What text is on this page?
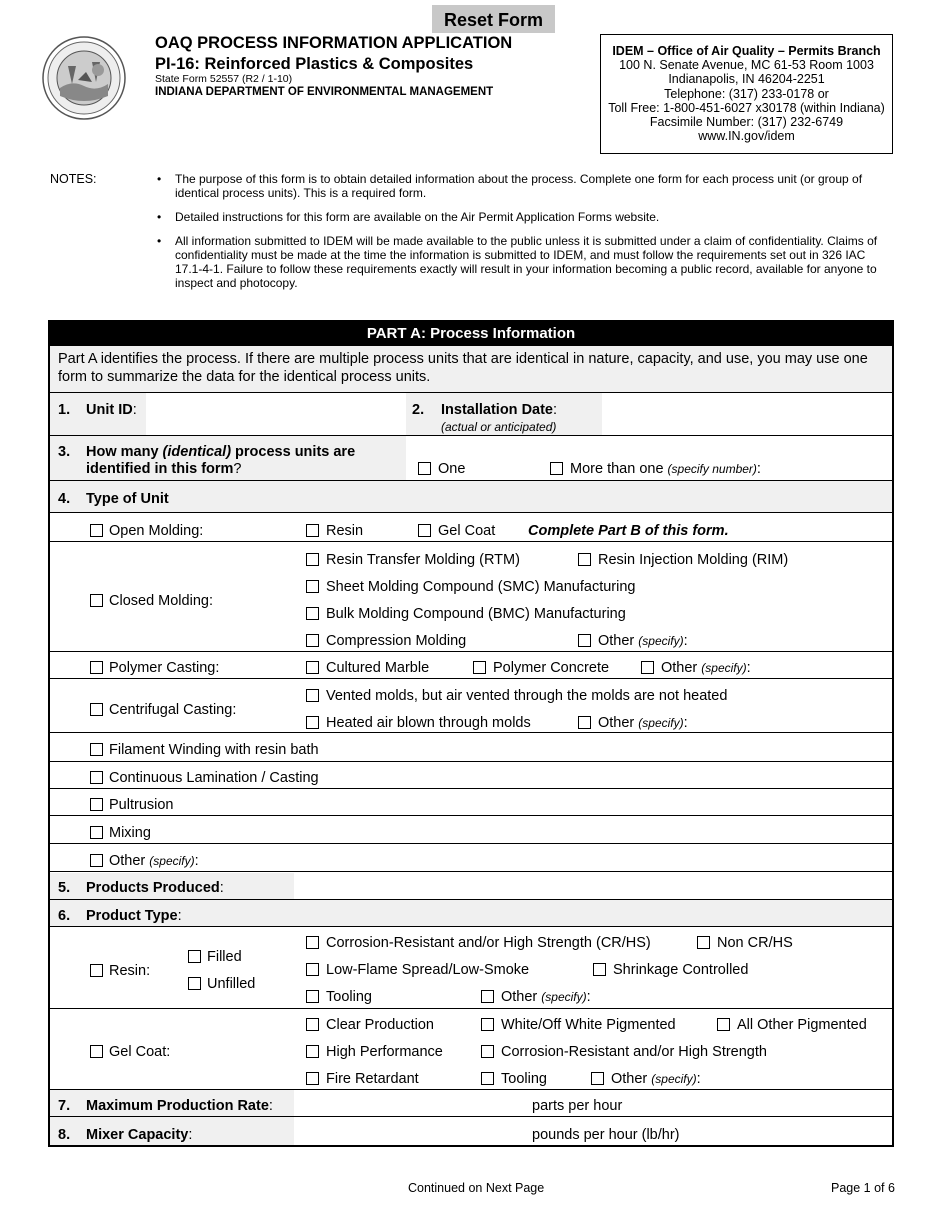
Reset Form
OAQ PROCESS INFORMATION APPLICATION
PI-16: Reinforced Plastics & Composites
State Form 52557 (R2 / 1-10)
INDIANA DEPARTMENT OF ENVIRONMENTAL MANAGEMENT
IDEM – Office of Air Quality – Permits Branch
100 N. Senate Avenue, MC 61-53 Room 1003
Indianapolis, IN 46204-2251
Telephone: (317) 233-0178 or
Toll Free: 1-800-451-6027 x30178 (within Indiana)
Facsimile Number: (317) 232-6749
www.IN.gov/idem
NOTES:	• The purpose of this form is to obtain detailed information about the process. Complete one form for each process unit (or group of identical process units). This is a required form.
• Detailed instructions for this form are available on the Air Permit Application Forms website.
• All information submitted to IDEM will be made available to the public unless it is submitted under a claim of confidentiality. Claims of confidentiality must be made at the time the information is submitted to IDEM, and must follow the requirements set out in 326 IAC 17.1-4-1. Failure to follow these requirements exactly will result in your information becoming a public record, available for anyone to inspect and photocopy.
PART A: Process Information
Part A identifies the process. If there are multiple process units that are identical in nature, capacity, and use, you may use one form to summarize the data for the identical process units.
1. Unit ID:	2. Installation Date:
(actual or anticipated)
3. How many (identical) process units are
identified in this form?	One	More than one (specify number):
4. Type of Unit
Open Molding:	Resin	Gel Coat Complete Part B of this form.
Closed Molding:
Resin Transfer Molding (RTM)	Resin Injection Molding (RIM)
Sheet Molding Compound (SMC) Manufacturing
Bulk Molding Compound (BMC) Manufacturing
Compression Molding	Other (specify):
Polymer Casting:	Cultured Marble	Polymer Concrete	Other (specify):
Centrifugal Casting:
Vented molds, but air vented through the molds are not heated
Heated air blown through molds	Other (specify):
Filament Winding with resin bath
Continuous Lamination / Casting
Pultrusion
Mixing
Other (specify):
5. Products Produced:
6. Product Type:
Resin:
Filled
Unfilled
Corrosion-Resistant and/or High Strength (CR/HS)	Non CR/HS
Low-Flame Spread/Low-Smoke	Shrinkage Controlled
Tooling	Other (specify):
Gel Coat:
Clear Production	White/Off White Pigmented	All Other Pigmented
High Performance	Corrosion-Resistant and/or High Strength
Fire Retardant	Tooling	Other (specify):
7. Maximum Production Rate:	parts per hour
8. Mixer Capacity:	pounds per hour (lb/hr)
Continued on Next Page	Page 1 of 6
